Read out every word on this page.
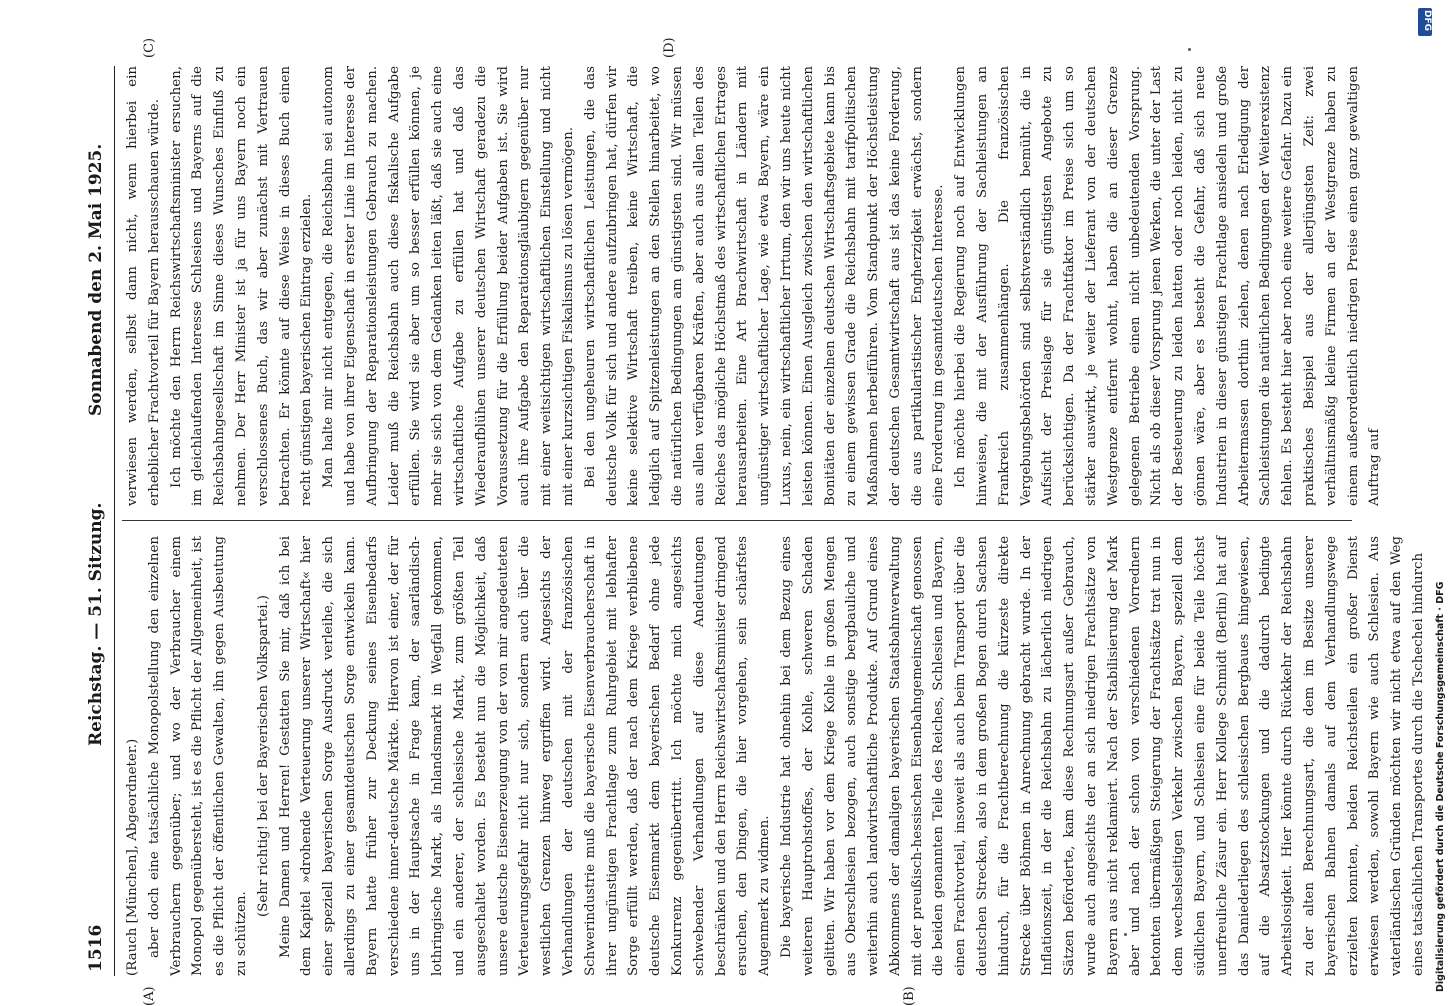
1516
Reichstag. — 51. Sitzung.
Sonnabend den 2. Mai 1925.

(Rauch [München], Abgeordneter.) aber doch eine tatsächliche Monopolstellung den einzelnen Verbrauchern gegenüber; und wo der Verbraucher einem Monopol gegenübersteht, ist es die Pflicht der Allgemeinheit, ist es die Pflicht der öffentlichen Gewalten, ihn gegen Ausbeutung zu schützen.

(Sehr richtig! bei der Bayerischen Volkspartei.) Meine Damen und Herren! Gestatten Sie mir, daß ich bei dem Kapitel »drohende Verteuerung unserer Wirtschaft« hier einer speziell bayerischen Sorge Ausdruck verleihe, die sich allerdings zu einer gesamtdeutschen Sorge entwickeln kann. Bayern hatte früher zur Deckung seines Eisenbedarfs verschiedene inner-deutsche Märkte. Hiervon ist einer, der für uns in der Hauptsache in Frage kam, der saarländisch-lothringische Markt, als Inlandsmarkt in Wegfall gekommen, und ein anderer, der schlesische Markt, zum größten Teil ausgeschaltet worden. Es besteht nun die Möglichkeit, daß unsere deutsche Eisenerzeugung von der von mir angedeuteten Verteuerungsgefahr nicht nur sich, sondern auch über die westlichen Grenzen hinweg ergriffen wird. Angesichts der Verhandlungen der deutschen mit der französischen Schwerindustrie muß die bayerische Eisenverbraucherschaft in ihrer ungünstigen Frachtlage zum Ruhrgebiet mit lebhafter Sorge erfüllt werden, daß der nach dem Kriege verbliebene deutsche Eisenmarkt dem bayerischen Bedarf ohne jede Konkurrenz gegenübertritt. Ich möchte mich angesichts schwebender Verhandlungen auf diese Andeutungen beschränken und den Herrn Reichswirtschaftsminister dringend ersuchen, den Dingen, die hier vorgehen, sein schärfstes Augenmerk zu widmen. Die bayerische Industrie hat ohnehin bei dem Bezug eines weiteren Hauptrohstoffes, der Kohle, schweren Schaden gelitten. Wir haben vor dem Kriege Kohle in großen Mengen aus Oberschlesien bezogen, auch sonstige bergbauliche und weiterhin auch landwirtschaftliche Produkte. Auf Grund eines Abkommens der damaligen bayerischen Staatsbahnverwaltung mit der preußisch-hessischen Eisenbahngemeinschaft genossen die beiden genannten Teile des Reiches, Schlesien und Bayern, einen Frachtvorteil, insoweit als auch beim Transport über die deutschen Strecken, also in dem großen Bogen durch Sachsen hindurch, für die Frachtberechnung die kürzeste direkte Strecke über Böhmen in Anrechnung gebracht wurde. In der Inflationszeit, in der die Reichsbahn zu lächerlich niedrigen Sätzen beförderte, kam diese Rechnungsart außer Gebrauch, wurde auch angesichts der an sich niedrigen Frachtsätze von Bayern aus nicht reklamiert. Nach der Stabilisierung der Mark aber und nach der schon von verschiedenen Vorrednern betonten übermäßigen Steigerung der Frachtsätze trat nun in dem wechselseitigen Verkehr zwischen Bayern, speziell dem südlichen Bayern, und Schlesien eine für beide Teile höchst unerfreuliche Zäsur ein. Herr Kollege Schmidt (Berlin) hat auf das Daniederliegen des schlesischen Bergbaues hingewiesen, auf die Absatzstockungen und die dadurch bedingte Arbeitslosigkeit. Hier könnte durch Rückkehr der Reichsbahn zu der alten Berechnungsart, die dem im Besitze unserer bayerischen Bahnen damals auf dem Verhandlungswege erzielten konnten, beiden Reichsteilen ein großer Dienst erwiesen werden, sowohl Bayern wie auch Schlesien. Aus vaterländischen Gründen möchten wir nicht etwa auf den Weg eines tatsächlichen Transportes durch die Tschechei hindurch

verwiesen werden, selbst dann nicht, wenn hierbei ein erheblicher Frachtvorteil für Bayern herausschauen würde. Ich möchte den Herrn Reichswirtschaftsminister ersuchen, im gleichlaufenden Interesse Schlesiens und Bayerns auf die Reichsbahngesellschaft im Sinne dieses Wunsches Einfluß zu nehmen. Der Herr Minister ist ja für uns Bayern noch ein verschlossenes Buch, das wir aber zunächst mit Vertrauen betrachten. Er könnte auf diese Weise in dieses Buch einen recht günstigen bayerischen Eintrag erzielen. Man halte mir nicht entgegen, die Reichsbahn sei autonom und habe von ihrer Eigenschaft in erster Linie im Interesse der Aufbringung der Reparationsleistungen Gebrauch zu machen. Leider muß die Reichsbahn auch diese fiskalische Aufgabe erfüllen. Sie wird sie aber um so besser erfüllen können, je mehr sie sich von dem Gedanken leiten läßt, daß sie auch eine wirtschaftliche Aufgabe zu erfüllen hat und daß das Wiederaufblühen unserer deutschen Wirtschaft geradezu die Voraussetzung für die Erfüllung beider Aufgaben ist. Sie wird auch ihre Aufgabe den Reparationsgläubigern gegenüber nur mit einer weitsichtigen wirtschaftlichen Einstellung und nicht mit einer kurzsichtigen Fiskalismus zu lösen vermögen. Bei den ungeheuren wirtschaftlichen Leistungen, die das deutsche Volk für sich und andere aufzubringen hat, dürfen wir keine selektive Wirtschaft treiben, keine Wirtschaft, die lediglich auf Spitzenleistungen an den Stellen hinarbeitet, wo die natürlichen Bedingungen am günstigsten sind. Wir müssen aus allen verfügbaren Kräften, aber auch aus allen Teilen des Reiches das mögliche Höchstmaß des wirtschaftlichen Ertrages herausarbeiten. Eine Art Brachwirtschaft in Ländern mit ungünstiger wirtschaftlicher Lage, wie etwa Bayern, wäre ein Luxus, nein, ein wirtschaftlicher Irrtum, den wir uns heute nicht leisten können. Einen Ausgleich zwischen den wirtschaftlichen Bonitäten der einzelnen deutschen Wirtschaftsgebiete kann bis zu einem gewissen Grade die Reichsbahn mit tarifpolitischen Maßnahmen herbeiführen. Vom Standpunkt der Höchstleistung der deutschen Gesamtwirtschaft aus ist das keine Forderung, die aus partikularistischer Engherzigkeit erwächst, sondern eine Forderung im gesamtdeutschen Interesse. Ich möchte hierbei die Regierung noch auf Entwicklungen hinweisen, die mit der Ausführung der Sachleistungen an Frankreich zusammenhängen. Die französischen Vergebungsbehörden sind selbstverständlich bemüht, die in Aufsicht der Preislage für sie günstigsten Angebote zu berücksichtigen. Da der Frachtfaktor im Preise sich um so stärker auswirkt, je weiter der Lieferant von der deutschen Westgrenze entfernt wohnt, haben die an dieser Grenze gelegenen Betriebe einen nicht unbedeutenden Vorsprung. Nicht als ob dieser Vorsprung jenen Werken, die unter der Last der Besteuerung zu leiden hatten oder noch leiden, nicht zu gönnen wäre, aber es besteht die Gefahr, daß sich neue Industrien in dieser günstigen Frachtlage ansiedeln und große Arbeitermassen dorthin ziehen, denen nach Erledigung der Sachleistungen die natürlichen Bedingungen der Weiterexistenz fehlen. Es besteht hier aber noch eine weitere Gefahr. Dazu ein praktisches Beispiel aus der allerjüngsten Zeit: zwei verhältnismäßig kleine Firmen an der Westgrenze haben zu einem außerordentlich niedrigen Preise einen ganz gewaltigen Auftrag auf

(A)	(B)
(C)	(D)
DFG
Digitalisierung gefördert durch die Deutsche Forschungsgemeinschaft · DFG
